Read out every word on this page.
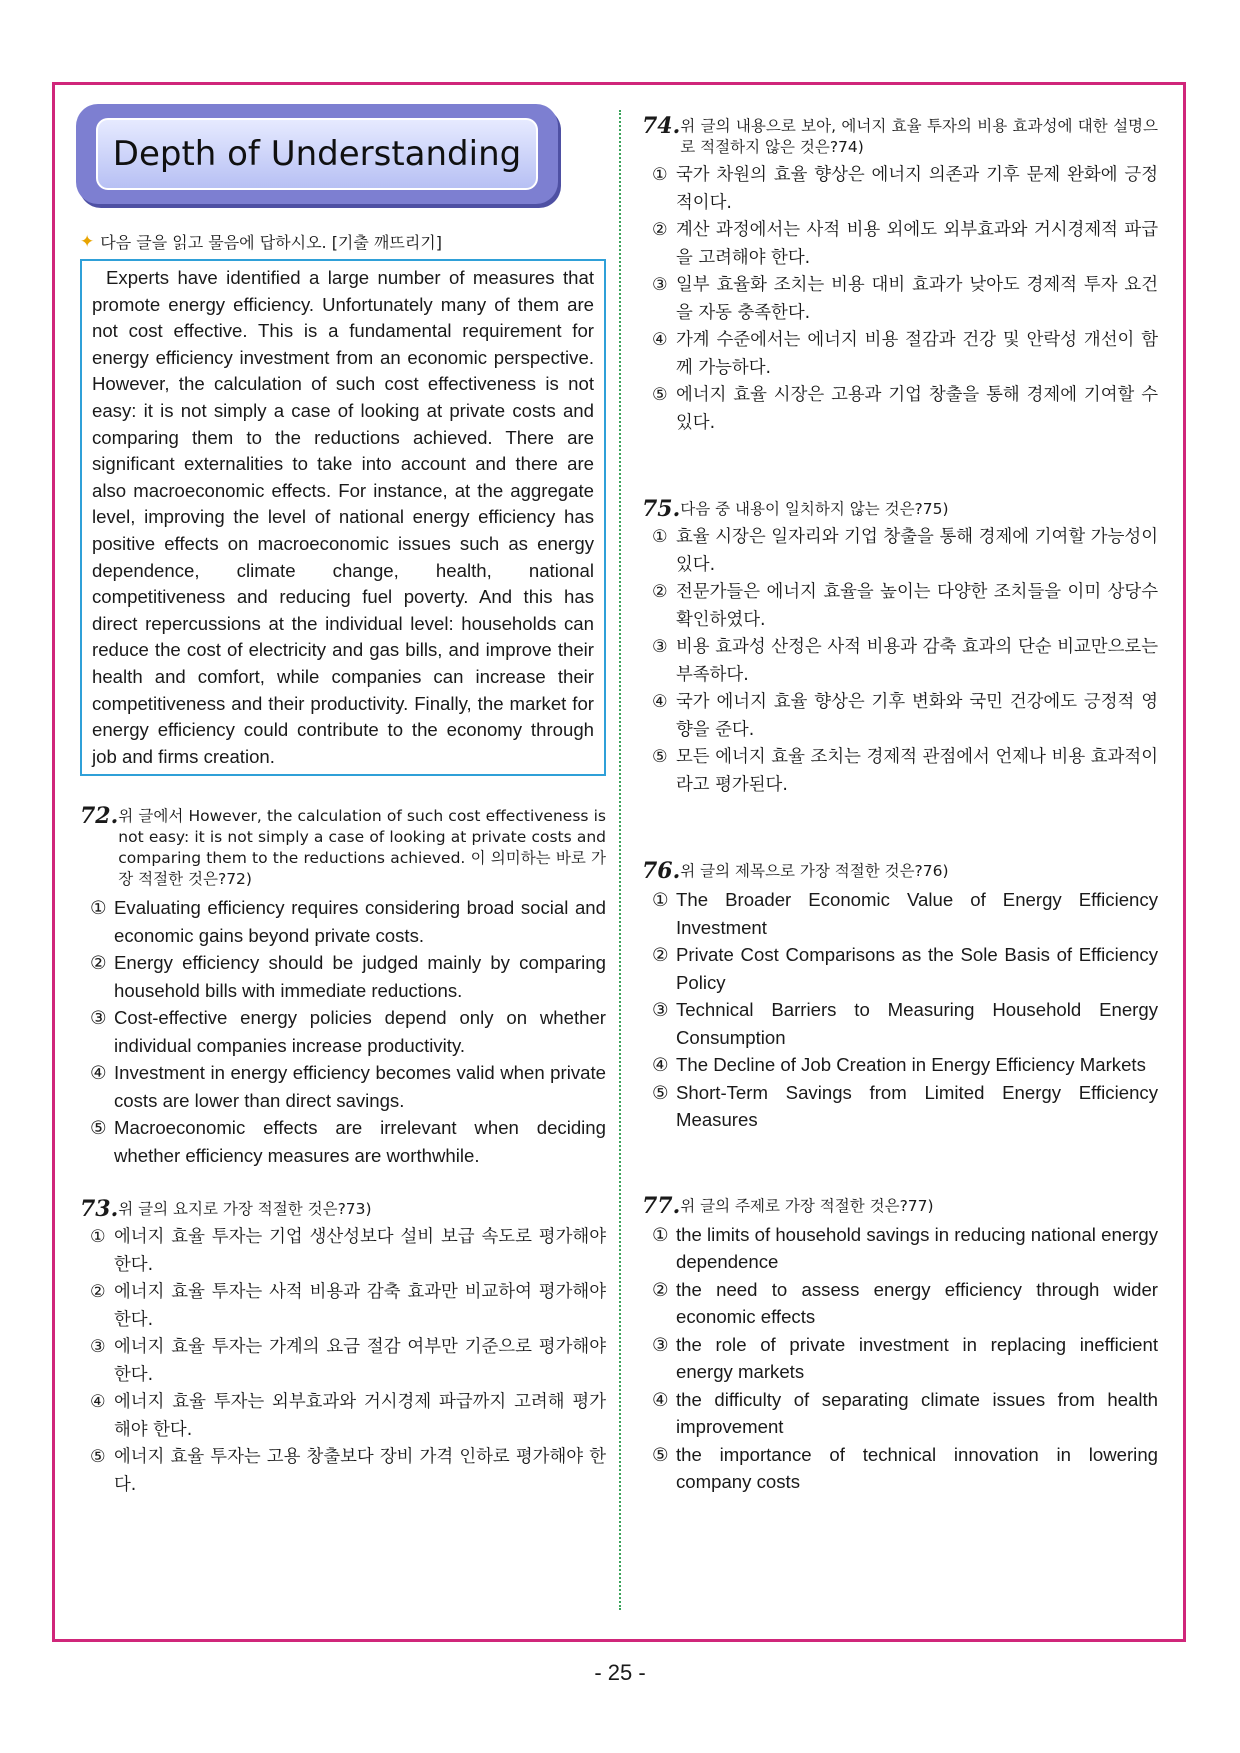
Depth of Understanding
✦ 다음 글을 읽고 물음에 답하시오. [기출 깨뜨리기]
Experts have identified a large number of measures that promote energy efficiency. Unfortunately many of them are not cost effective. This is a fundamental requirement for energy efficiency investment from an economic perspective. However, the calculation of such cost effectiveness is not easy: it is not simply a case of looking at private costs and comparing them to the reductions achieved. There are significant externalities to take into account and there are also macroeconomic effects. For instance, at the aggregate level, improving the level of national energy efficiency has positive effects on macroeconomic issues such as energy dependence, climate change, health, national competitiveness and reducing fuel poverty. And this has direct repercussions at the individual level: households can reduce the cost of electricity and gas bills, and improve their health and comfort, while companies can increase their competitiveness and their productivity. Finally, the market for energy efficiency could contribute to the economy through job and firms creation.
72. 위 글에서 However, the calculation of such cost effectiveness is not easy: it is not simply a case of looking at private costs and comparing them to the reductions achieved. 이 의미하는 바로 가장 적절한 것은?72)
① Evaluating efficiency requires considering broad social and economic gains beyond private costs.
② Energy efficiency should be judged mainly by comparing household bills with immediate reductions.
③ Cost-effective energy policies depend only on whether individual companies increase productivity.
④ Investment in energy efficiency becomes valid when private costs are lower than direct savings.
⑤ Macroeconomic effects are irrelevant when deciding whether efficiency measures are worthwhile.
73. 위 글의 요지로 가장 적절한 것은?73)
① 에너지 효율 투자는 기업 생산성보다 설비 보급 속도로 평가해야 한다.
② 에너지 효율 투자는 사적 비용과 감축 효과만 비교하여 평가해야 한다.
③ 에너지 효율 투자는 가계의 요금 절감 여부만 기준으로 평가해야 한다.
④ 에너지 효율 투자는 외부효과와 거시경제 파급까지 고려해 평가해야 한다.
⑤ 에너지 효율 투자는 고용 창출보다 장비 가격 인하로 평가해야 한다.
74. 위 글의 내용으로 보아, 에너지 효율 투자의 비용 효과성에 대한 설명으로 적절하지 않은 것은?74)
① 국가 차원의 효율 향상은 에너지 의존과 기후 문제 완화에 긍정적이다.
② 계산 과정에서는 사적 비용 외에도 외부효과와 거시경제적 파급을 고려해야 한다.
③ 일부 효율화 조치는 비용 대비 효과가 낮아도 경제적 투자 요건을 자동 충족한다.
④ 가계 수준에서는 에너지 비용 절감과 건강 및 안락성 개선이 함께 가능하다.
⑤ 에너지 효율 시장은 고용과 기업 창출을 통해 경제에 기여할 수 있다.
75. 다음 중 내용이 일치하지 않는 것은?75)
① 효율 시장은 일자리와 기업 창출을 통해 경제에 기여할 가능성이 있다.
② 전문가들은 에너지 효율을 높이는 다양한 조치들을 이미 상당수 확인하였다.
③ 비용 효과성 산정은 사적 비용과 감축 효과의 단순 비교만으로는 부족하다.
④ 국가 에너지 효율 향상은 기후 변화와 국민 건강에도 긍정적 영향을 준다.
⑤ 모든 에너지 효율 조치는 경제적 관점에서 언제나 비용 효과적이라고 평가된다.
76. 위 글의 제목으로 가장 적절한 것은?76)
① The Broader Economic Value of Energy Efficiency Investment
② Private Cost Comparisons as the Sole Basis of Efficiency Policy
③ Technical Barriers to Measuring Household Energy Consumption
④ The Decline of Job Creation in Energy Efficiency Markets
⑤ Short-Term Savings from Limited Energy Efficiency Measures
77. 위 글의 주제로 가장 적절한 것은?77)
① the limits of household savings in reducing national energy dependence
② the need to assess energy efficiency through wider economic effects
③ the role of private investment in replacing inefficient energy markets
④ the difficulty of separating climate issues from health improvement
⑤ the importance of technical innovation in lowering company costs
- 25 -
